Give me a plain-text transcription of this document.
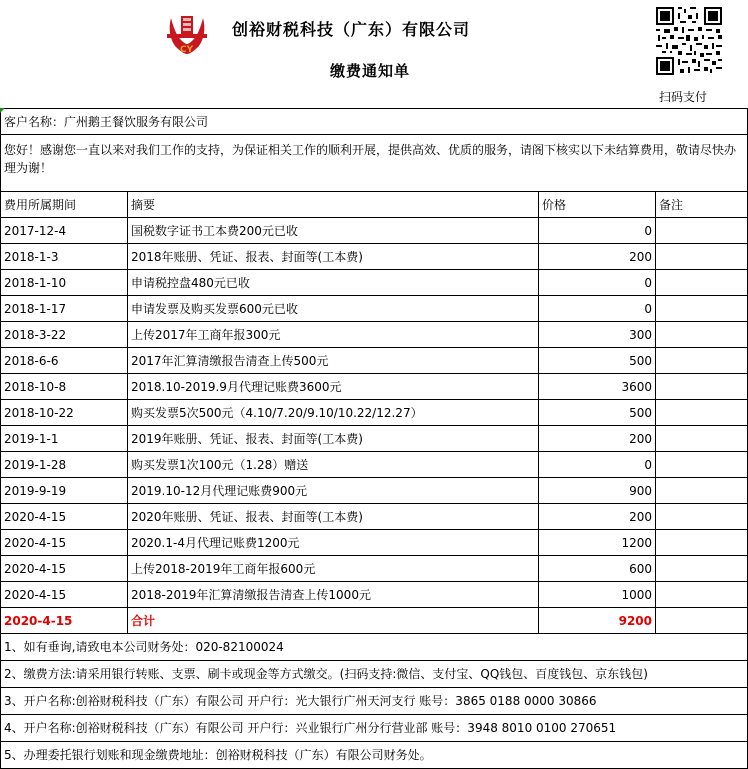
CY
创裕财税科技（广东）有限公司
缴费通知单
扫码支付
客户名称：广州鹅王餐饮服务有限公司			
您好！感谢您一直以来对我们工作的支持，为保证相关工作的顺利开展，提供高效、优质的服务，请阁下核实以下未结算费用，敬请尽快办理为谢！			
费用所属期间	摘要	价格	备注
2017-12-4	国税数字证书工本费200元已收	0	
2018-1-3	2018年账册、凭证、报表、封面等(工本费)	200	
2018-1-10	申请税控盘480元已收	0	
2018-1-17	申请发票及购买发票600元已收	0	
2018-3-22	上传2017年工商年报300元	300	
2018-6-6	2017年汇算清缴报告清查上传500元	500	
2018-10-8	2018.10-2019.9月代理记账费3600元	3600	
2018-10-22	购买发票5次500元（4.10/7.20/9.10/10.22/12.27）	500	
2019-1-1	2019年账册、凭证、报表、封面等(工本费)	200	
2019-1-28	购买发票1次100元（1.28）赠送	0	
2019-9-19	2019.10-12月代理记账费900元	900	
2020-4-15	2020年账册、凭证、报表、封面等(工本费)	200	
2020-4-15	2020.1-4月代理记账费1200元	1200	
2020-4-15	上传2018-2019年工商年报600元	600	
2020-4-15	2018-2019年汇算清缴报告清查上传1000元	1000	
2020-4-15	合计	9200	
1、如有垂询,请致电本公司财务处：020-82100024			
2、缴费方法:请采用银行转账、支票、刷卡或现金等方式缴交。(扫码支持:微信、支付宝、QQ钱包、百度钱包、京东钱包)			
3、开户名称:创裕财税科技（广东）有限公司 开户行：光大银行广州天河支行 账号：3865 0188 0000 30866			
4、开户名称:创裕财税科技（广东）有限公司 开户行：兴业银行广州分行营业部 账号：3948 8010 0100 270651			
5、办理委托银行划账和现金缴费地址：创裕财税科技（广东）有限公司财务处。			
